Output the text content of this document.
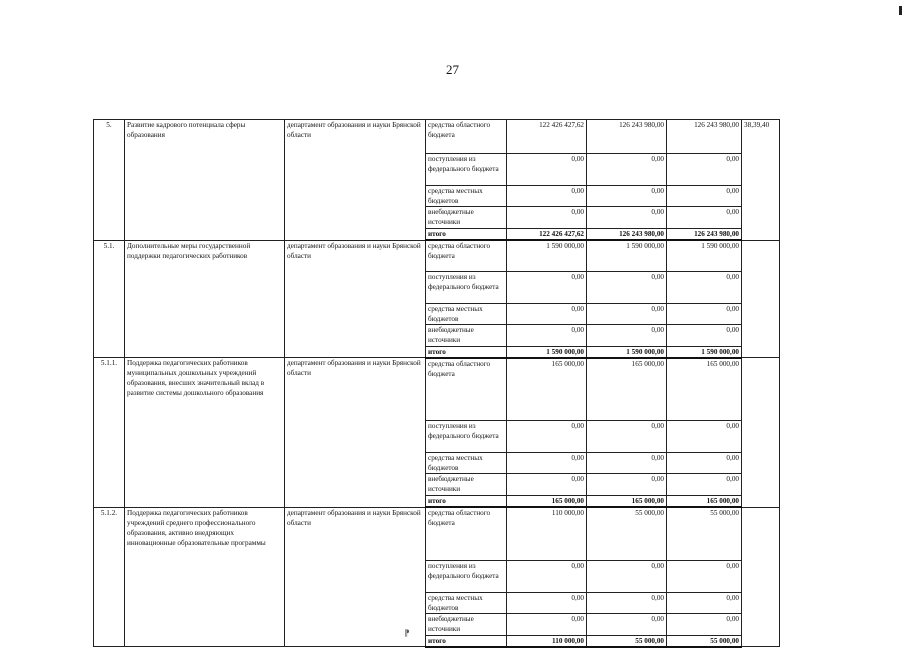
27
⁋
5.	Развитие кадрового потенциала сферы образования	департамент образования и науки Брянской области	средства областного бюджета	122 426 427,62	126 243 980,00	126 243 980,00	38,39,40
			поступления из федерального бюджета	0,00	0,00	0,00	
			средства местных бюджетов	0,00	0,00	0,00	
			внебюджетные источники	0,00	0,00	0,00	
			итого	122 426 427,62	126 243 980,00	126 243 980,00	
5.1.	Дополнительные меры государственной поддержки педагогических работников	департамент образования и науки Брянской области	средства областного бюджета	1 590 000,00	1 590 000,00	1 590 000,00	
			поступления из федерального бюджета	0,00	0,00	0,00	
			средства местных бюджетов	0,00	0,00	0,00	
			внебюджетные источники	0,00	0,00	0,00	
			итого	1 590 000,00	1 590 000,00	1 590 000,00	
5.1.1.	Поддержка педагогических работников муниципальных дошкольных учреждений образования, внесших значительный вклад в развитие системы дошкольного образования	департамент образования и науки Брянской области	средства областного бюджета	165 000,00	165 000,00	165 000,00	
			поступления из федерального бюджета	0,00	0,00	0,00	
			средства местных бюджетов	0,00	0,00	0,00	
			внебюджетные источники	0,00	0,00	0,00	
			итого	165 000,00	165 000,00	165 000,00	
5.1.2.	Поддержка педагогических работников учреждений среднего профессионального образования, активно внедряющих инновационные образовательные программы	департамент образования и науки Брянской области	средства областного бюджета	110 000,00	55 000,00	55 000,00	
			поступления из федерального бюджета	0,00	0,00	0,00	
			средства местных бюджетов	0,00	0,00	0,00	
			внебюджетные источники	0,00	0,00	0,00	
			итого	110 000,00	55 000,00	55 000,00	
